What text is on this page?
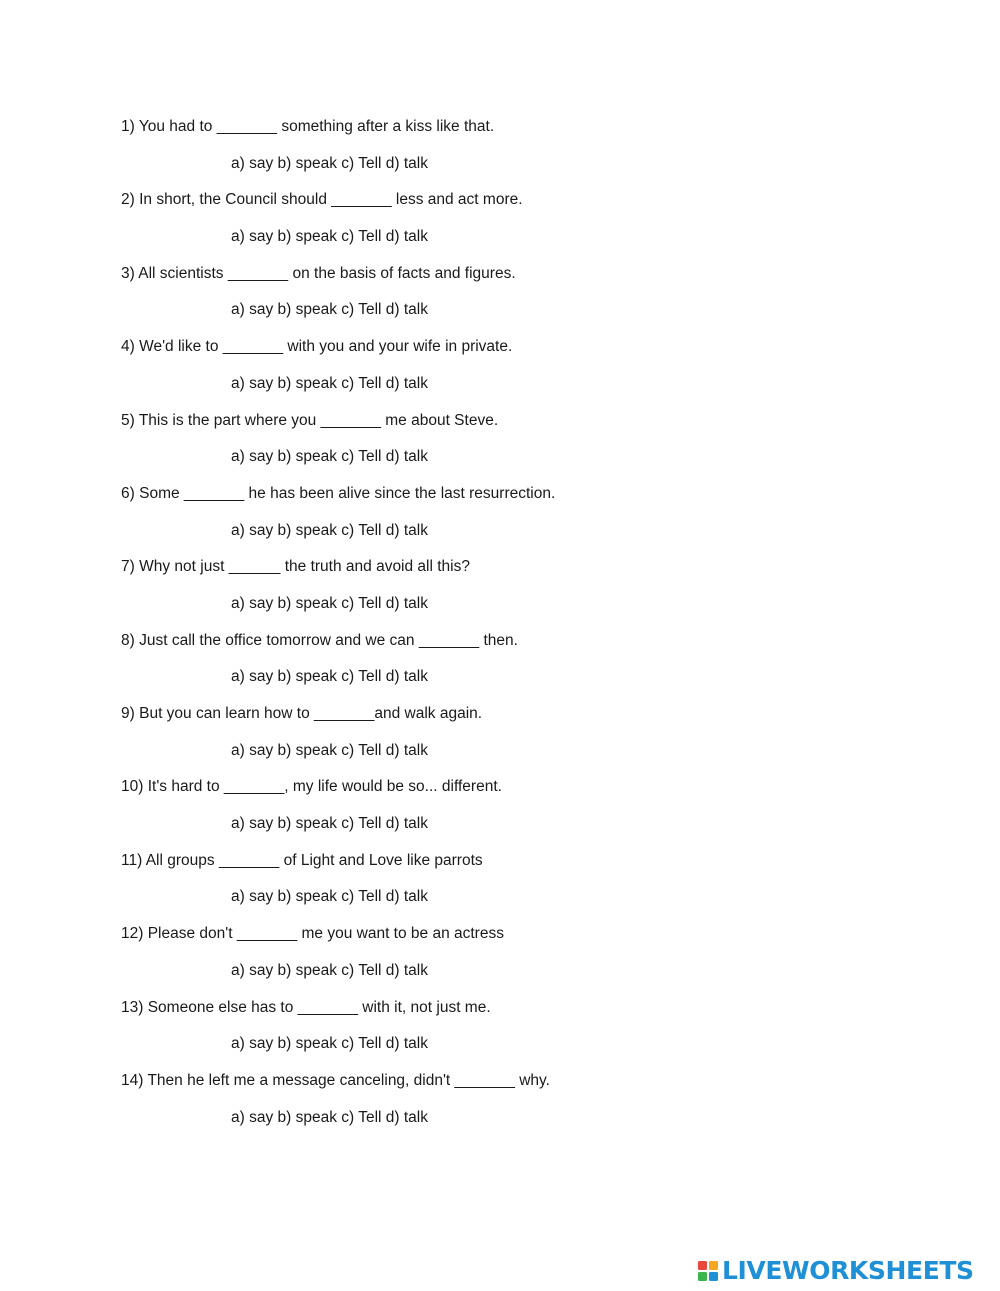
1) You had to _______ something after a kiss like that.
a) say b) speak c) Tell d) talk
2) In short, the Council should _______ less and act more.
a) say b) speak c) Tell d) talk
3) All scientists _______ on the basis of facts and figures.
a) say b) speak c) Tell d) talk
4) We'd like to _______ with you and your wife in private.
a) say b) speak c) Tell d) talk
5) This is the part where you _______ me about Steve.
a) say b) speak c) Tell d) talk
6) Some _______ he has been alive since the last resurrection.
a) say b) speak c) Tell d) talk
7) Why not just ______ the truth and avoid all this?
a) say b) speak c) Tell d) talk
8) Just call the office tomorrow and we can _______ then.
a) say b) speak c) Tell d) talk
9) But you can learn how to _______and walk again.
a) say b) speak c) Tell d) talk
10) It's hard to _______, my life would be so... different.
a) say b) speak c) Tell d) talk
11) All groups _______ of Light and Love like parrots
a) say b) speak c) Tell d) talk
12) Please don't _______ me you want to be an actress
a) say b) speak c) Tell d) talk
13) Someone else has to _______ with it, not just me.
a) say b) speak c) Tell d) talk
14) Then he left me a message canceling, didn't _______ why.
a) say b) speak c) Tell d) talk
LIVEWORKSHEETS
